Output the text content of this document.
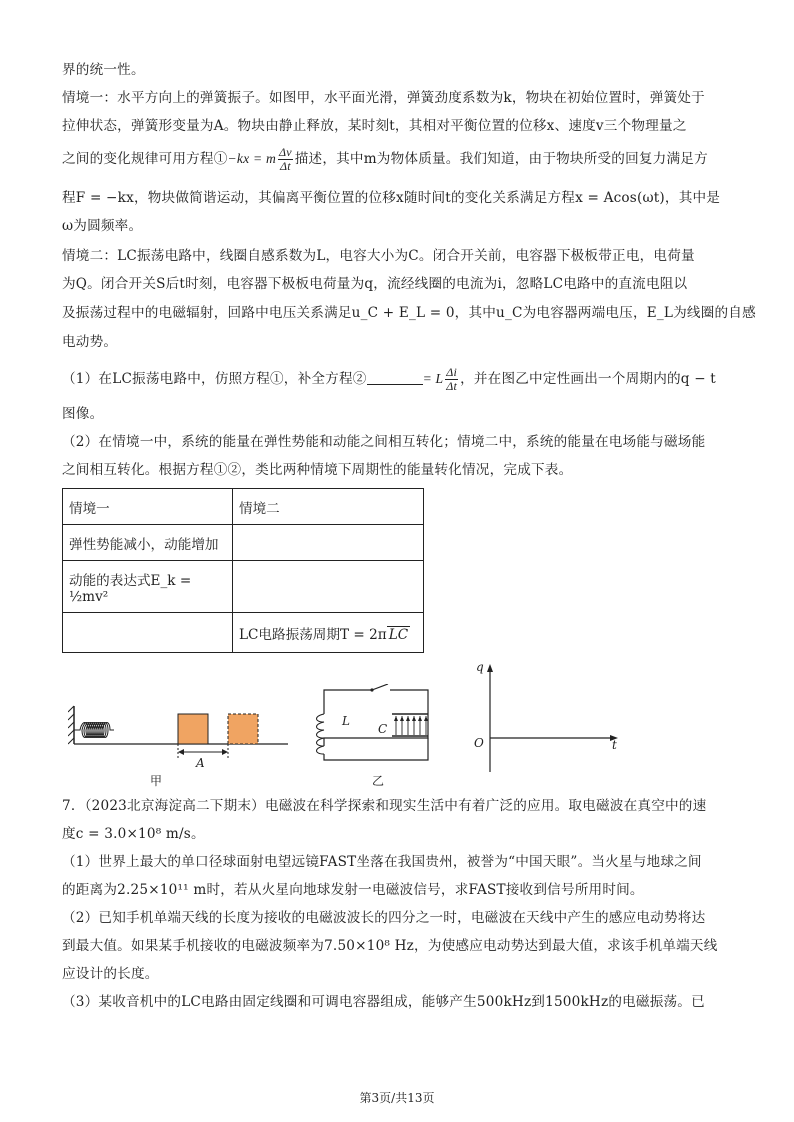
界的统一性。
情境一：水平方向上的弹簧振子。如图甲，水平面光滑，弹簧劲度系数为k，物块在初始位置时，弹簧处于
拉伸状态，弹簧形变量为A。物块由静止释放，某时刻t，其相对平衡位置的位移x、速度v三个物理量之
之间的变化规律可用方程①−kx = m $\frac{\Delta v}{\Delta t}$ 描述，其中m为物体质量。我们知道，由于物块所受的回复力满足方
程F = −kx，物块做简谐运动，其偏离平衡位置的位移x随时间t的变化关系满足方程x = Acos(ωt)，其中是
ω为圆频率。
情境二：LC振荡电路中，线圈自感系数为L，电容大小为C。闭合开关前，电容器下极板带正电，电荷量
为Q。闭合开关S后t时刻，电容器下极板电荷量为q，流经线圈的电流为i，忽略LC电路中的直流电阻以
及振荡过程中的电磁辐射，回路中电压关系满足u_C + E_L = 0，其中u_C为电容器两端电压，E_L为线圈的自感
电动势。
（1）在LC振荡电路中，仿照方程①，补全方程②	= L $\frac{\Delta i}{\Delta t}$ ，并在图乙中定性画出一个周期内的q − t
图像。
（2）在情境一中，系统的能量在弹性势能和动能之间相互转化；情境二中，系统的能量在电场能与磁场能
之间相互转化。根据方程①②，类比两种情境下周期性的能量转化情况，完成下表。
情境一	情境二
弹性势能减小，动能增加	
动能的表达式E_k = ½mv²	
	LC电路振荡周期T = 2π LC
A
甲
L
C
乙
q
O	t
7．（2023北京海淀高二下期末）电磁波在科学探索和现实生活中有着广泛的应用。取电磁波在真空中的速
度c = 3.0×10⁸ m/s。
（1）世界上最大的单口径球面射电望远镜FAST坐落在我国贵州，被誉为“中国天眼”。当火星与地球之间
的距离为2.25×10¹¹ m时，若从火星向地球发射一电磁波信号，求FAST接收到信号所用时间。
（2）已知手机单端天线的长度为接收的电磁波波长的四分之一时，电磁波在天线中产生的感应电动势将达
到最大值。如果某手机接收的电磁波频率为7.50×10⁸ Hz，为使感应电动势达到最大值，求该手机单端天线
应设计的长度。
（3）某收音机中的LC电路由固定线圈和可调电容器组成，能够产生500kHz到1500kHz的电磁振荡。已
第3页/共13页
